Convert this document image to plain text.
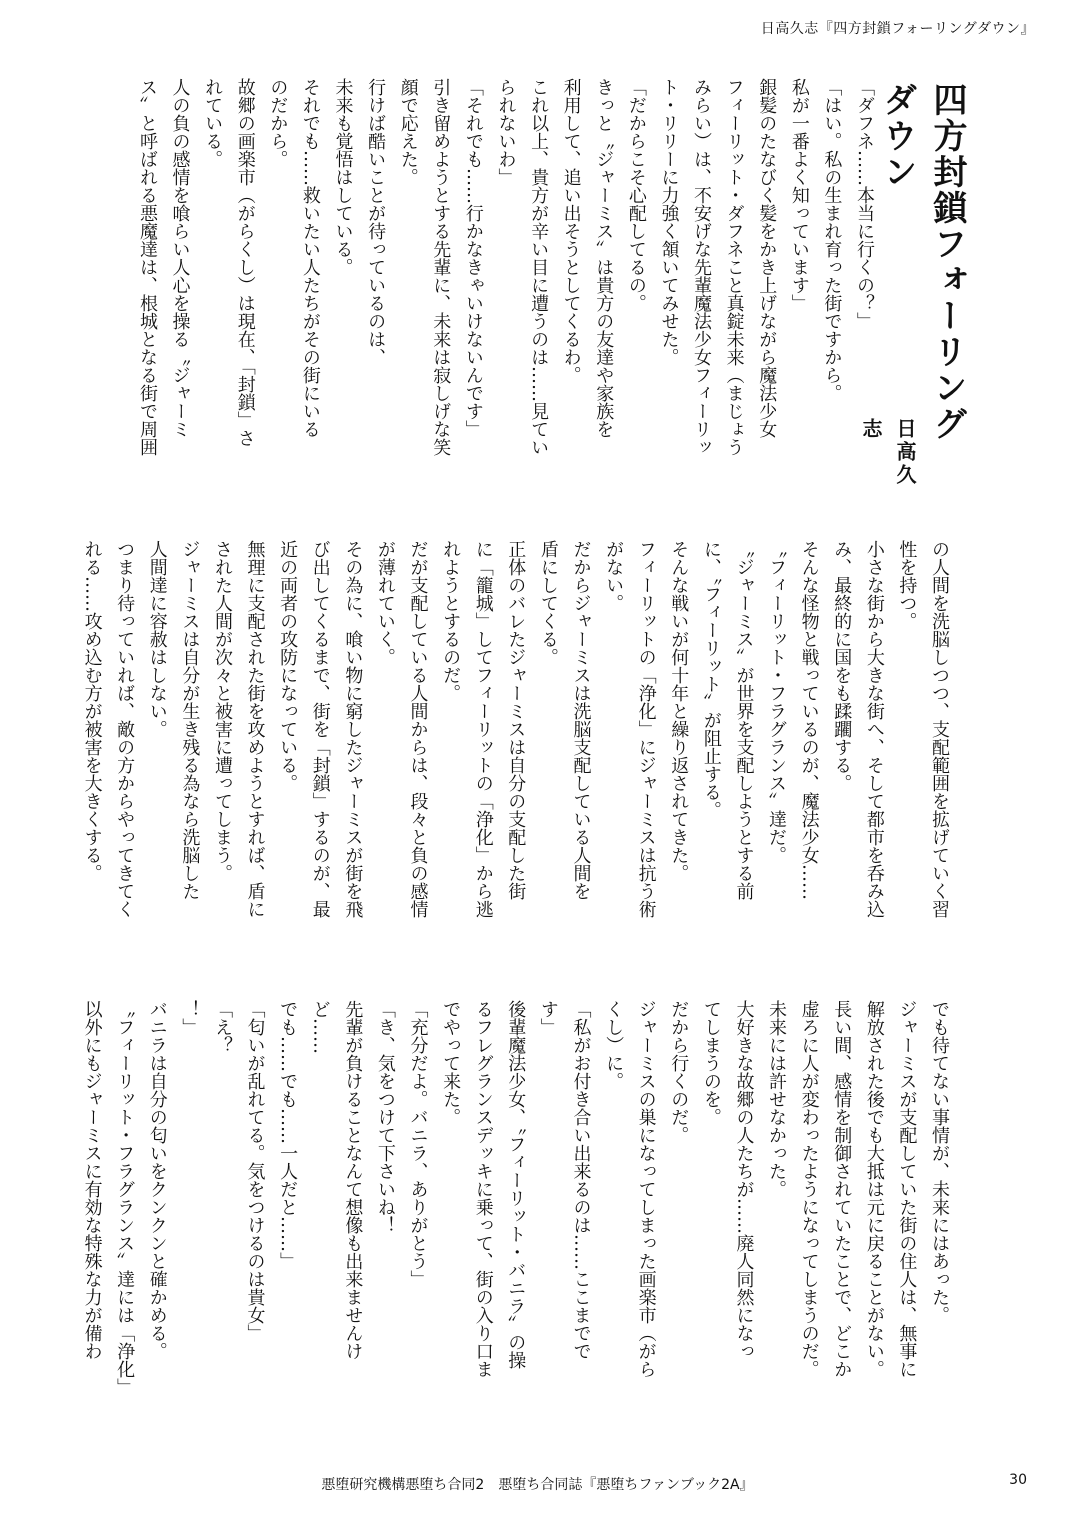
日高久志『四方封鎖フォーリングダウン』
四方封鎖フォーリングダウン
日高久志
「ダフネ……本当に行くの？」
「はい。私の生まれ育った街ですから。
私が一番よく知っています」
銀髪のたなびく髪をかき上げながら魔法少女
フィーリット・ダフネこと真錠未来（まじょう
みらい）は、不安げな先輩魔法少女フィーリッ
ト・リリーに力強く頷いてみせた。
「だからこそ心配してるの。
きっと〝ジャーミス〟は貴方の友達や家族を
利用して、追い出そうとしてくるわ。
これ以上、貴方が辛い目に遭うのは……見てい
られないわ」
「それでも……行かなきゃいけないんです」
引き留めようとする先輩に、未来は寂しげな笑
顔で応えた。
行けば酷いことが待っているのは、
未来も覚悟はしている。
それでも……救いたい人たちがその街にいる
のだから。
故郷の画楽市（がらくし）は現在、「封鎖」さ
れている。
人の負の感情を喰らい人心を操る〝ジャーミ
ス〟と呼ばれる悪魔達は、根城となる街で周囲
の人間を洗脳しつつ、支配範囲を拡げていく習
性を持つ。
小さな街から大きな街へ、そして都市を呑み込
み、最終的に国をも蹂躙する。
そんな怪物と戦っているのが、魔法少女……
〝フィーリット・フラグランス〟達だ。
〝ジャーミス〟が世界を支配しようとする前
に、〝フィーリット〟が阻止する。
そんな戦いが何十年と繰り返されてきた。
フィーリットの「浄化」にジャーミスは抗う術
がない。
だからジャーミスは洗脳支配している人間を
盾にしてくる。
正体のバレたジャーミスは自分の支配した街
に「籠城」してフィーリットの「浄化」から逃
れようとするのだ。
だが支配している人間からは、段々と負の感情
が薄れていく。
その為に、喰い物に窮したジャーミスが街を飛
び出してくるまで、街を「封鎖」するのが、最
近の両者の攻防になっている。
無理に支配された街を攻めようとすれば、盾に
された人間が次々と被害に遭ってしまう。
ジャーミスは自分が生き残る為なら洗脳した
人間達に容赦はしない。
つまり待っていれば、敵の方からやってきてく
れる……攻め込む方が被害を大きくする。
でも待てない事情が、未来にはあった。
ジャーミスが支配していた街の住人は、無事に
解放された後でも大抵は元に戻ることがない。
長い間、感情を制御されていたことで、どこか
虚ろに人が変わったようになってしまうのだ。
未来には許せなかった。
大好きな故郷の人たちが……廃人同然になっ
てしまうのを。
だから行くのだ。
ジャーミスの巣になってしまった画楽市（がら
くし）に。
「私がお付き合い出来るのは……ここまでで
す」
後輩魔法少女、〝フィーリット・バニラ〟の操
るフレグランスデッキに乗って、街の入り口ま
でやって来た。
「充分だよ。バニラ、ありがとう」
「き、気をつけて下さいね！
先輩が負けることなんて想像も出来ませんけ
ど……
でも……でも……一人だと……」
「匂いが乱れてる。気をつけるのは貴女」
「え？
！」
バニラは自分の匂いをクンクンと確かめる。
〝フィーリット・フラグランス〟達には「浄化」
以外にもジャーミスに有効な特殊な力が備わ
悪堕研究機構悪堕ち合同2　悪堕ち合同誌『悪堕ちファンブック2A』	30
